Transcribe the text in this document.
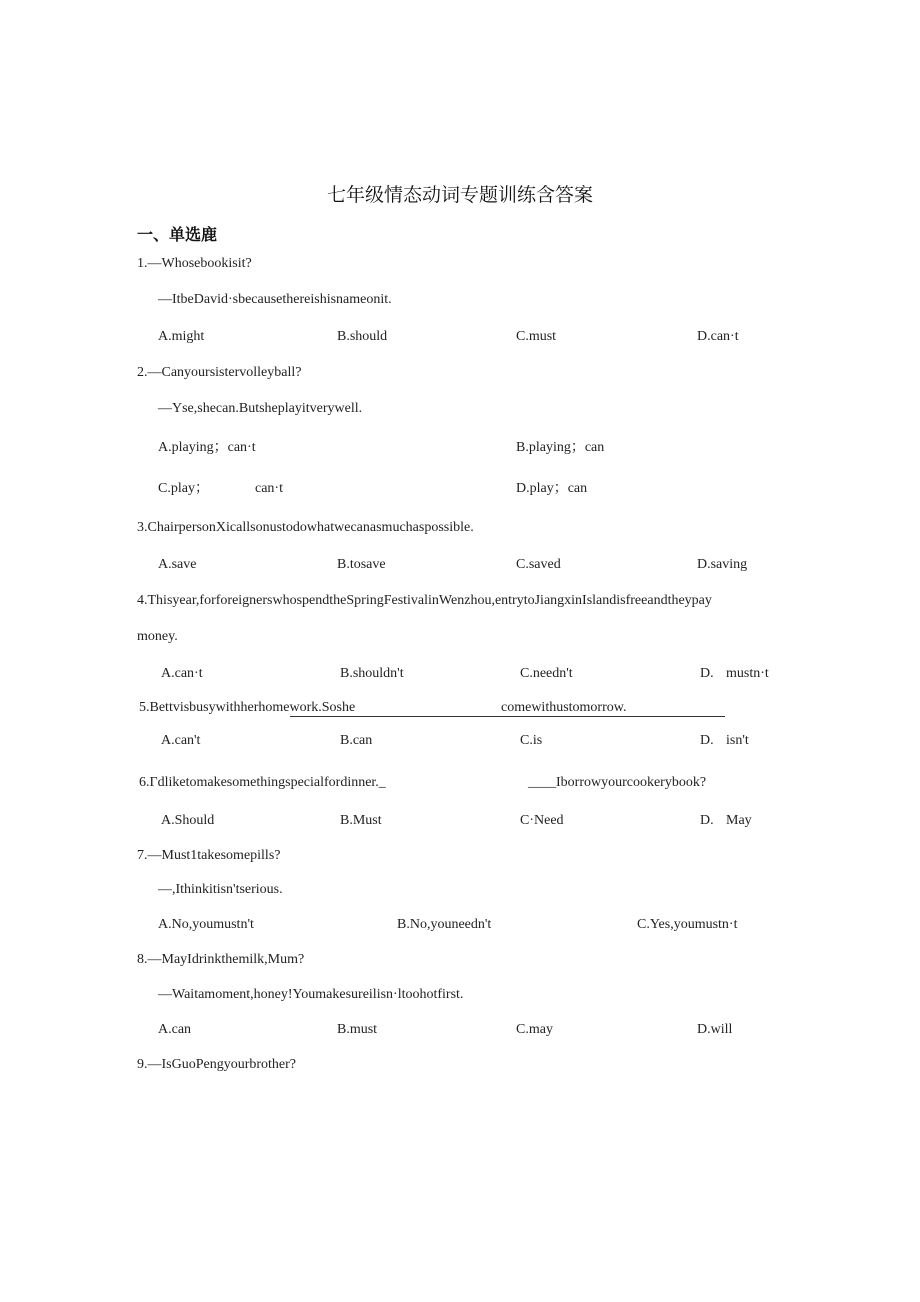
七年级情态动词专题训练含答案
一、单选鹿
1.—Whosebookisit?
—ItbeDavid·sbecausethereishisnameonit.
A.might	B.should	C.must	D.can·t
2.—Canyoursistervolleyball?
—Yse,shecan.Butsheplayitverywell.
A.playing；can·t	B.playing；can
C.play；	can·t	D.play；can
3.ChairpersonXicallsonustodowhatwecanasmuchaspossible.
A.save	B.tosave	C.saved	D.saving
4.Thisyear,forforeignerswhospendtheSpringFestivalinWenzhou,entrytoJiangxinIslandisfreeandtheypay
money.
A.can·t	B.shouldn't	C.needn't	D. mustn·t
5.Bettvisbusywithherhomework.Soshe	comewithustomorrow.
A.can't	B.can	C.is	D. isn't
6.Γdliketomakesomethingspecialfordinner._	____Iborrowyourcookerybook?
A.Should	B.Must	C·Need	D. May
7.—Must1takesomepills?
—,Ithinkitisn'tserious.
A.No,youmustn't	B.No,youneedn't	C.Yes,youmustn·t
8.—MayIdrinkthemilk,Mum?
—Waitamoment,honey!Youmakesureilisn·ltoohotfirst.
A.can	B.must	C.may	D.will
9.—IsGuoPengyourbrother?
